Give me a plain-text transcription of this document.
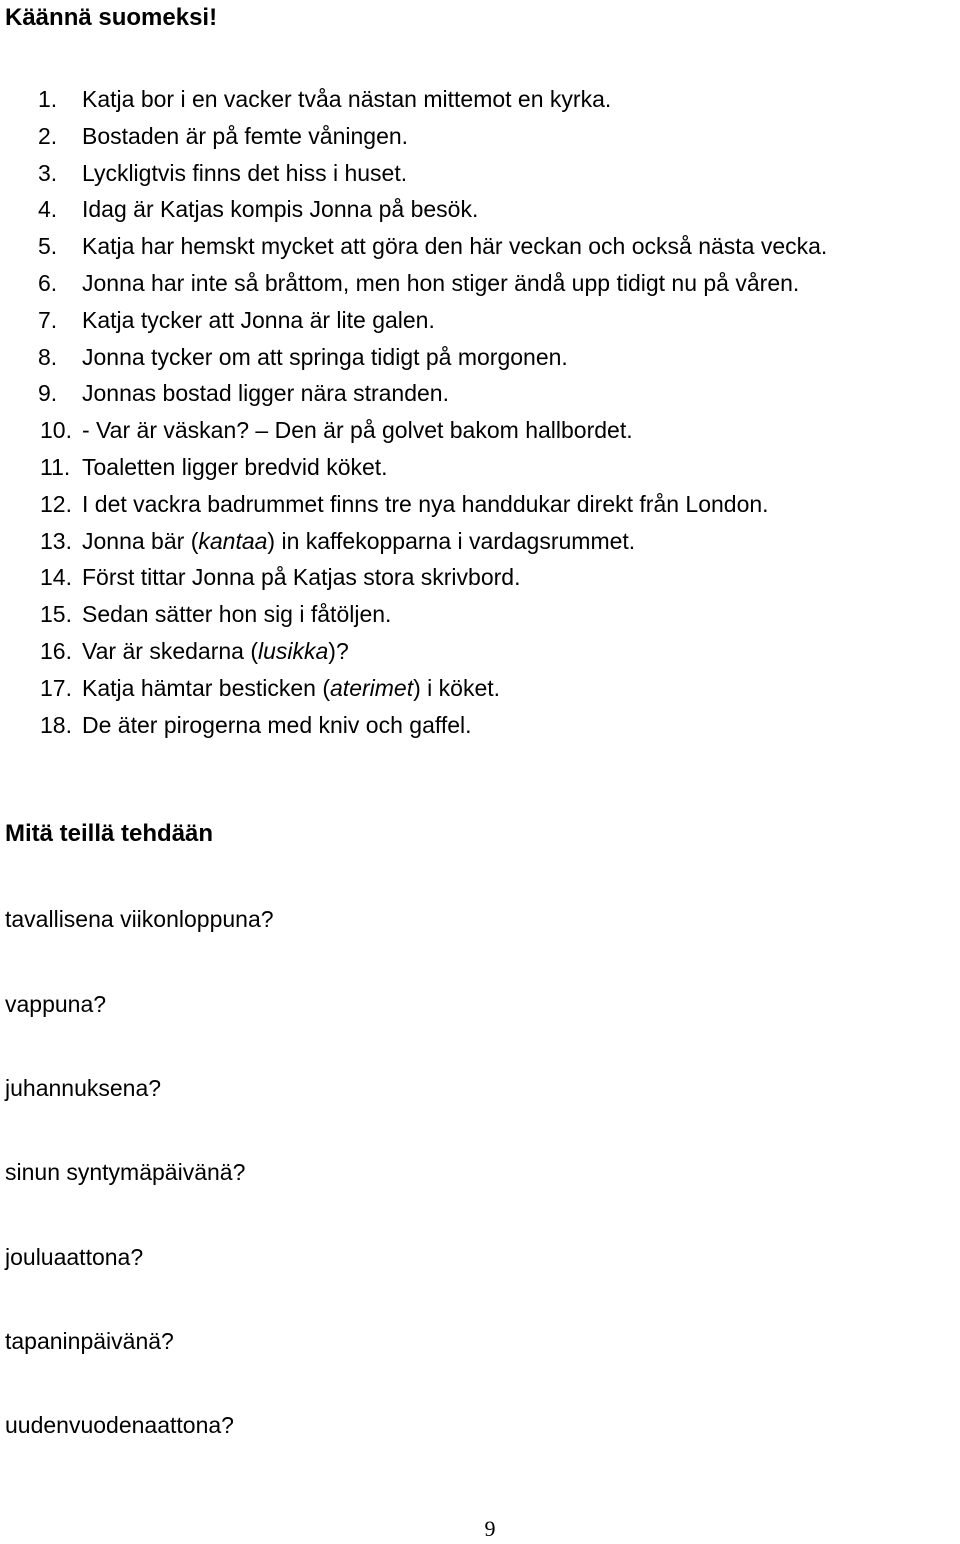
Käännä suomeksi!
1. Katja bor i en vacker tvåa nästan mittemot en kyrka.
2. Bostaden är på femte våningen.
3. Lyckligtvis finns det hiss i huset.
4. Idag är Katjas kompis Jonna på besök.
5. Katja har hemskt mycket att göra den här veckan och också nästa vecka.
6. Jonna har inte så bråttom, men hon stiger ändå upp tidigt nu på våren.
7. Katja tycker att Jonna är lite galen.
8. Jonna tycker om att springa tidigt på morgonen.
9. Jonnas bostad ligger nära stranden.
10. - Var är väskan? – Den är på golvet bakom hallbordet.
11. Toaletten ligger bredvid köket.
12. I det vackra badrummet finns tre nya handdukar direkt från London.
13. Jonna bär (kantaa) in kaffekopparna i vardagsrummet.
14. Först tittar Jonna på Katjas stora skrivbord.
15. Sedan sätter hon sig i fåtöljen.
16. Var är skedarna (lusikka)?
17. Katja hämtar besticken (aterimet) i köket.
18. De äter pirogerna med kniv och gaffel.
Mitä teillä tehdään
tavallisena viikonloppuna?
vappuna?
juhannuksena?
sinun syntymäpäivänä?
jouluaattona?
tapaninpäivänä?
uudenvuodenaattona?
9
